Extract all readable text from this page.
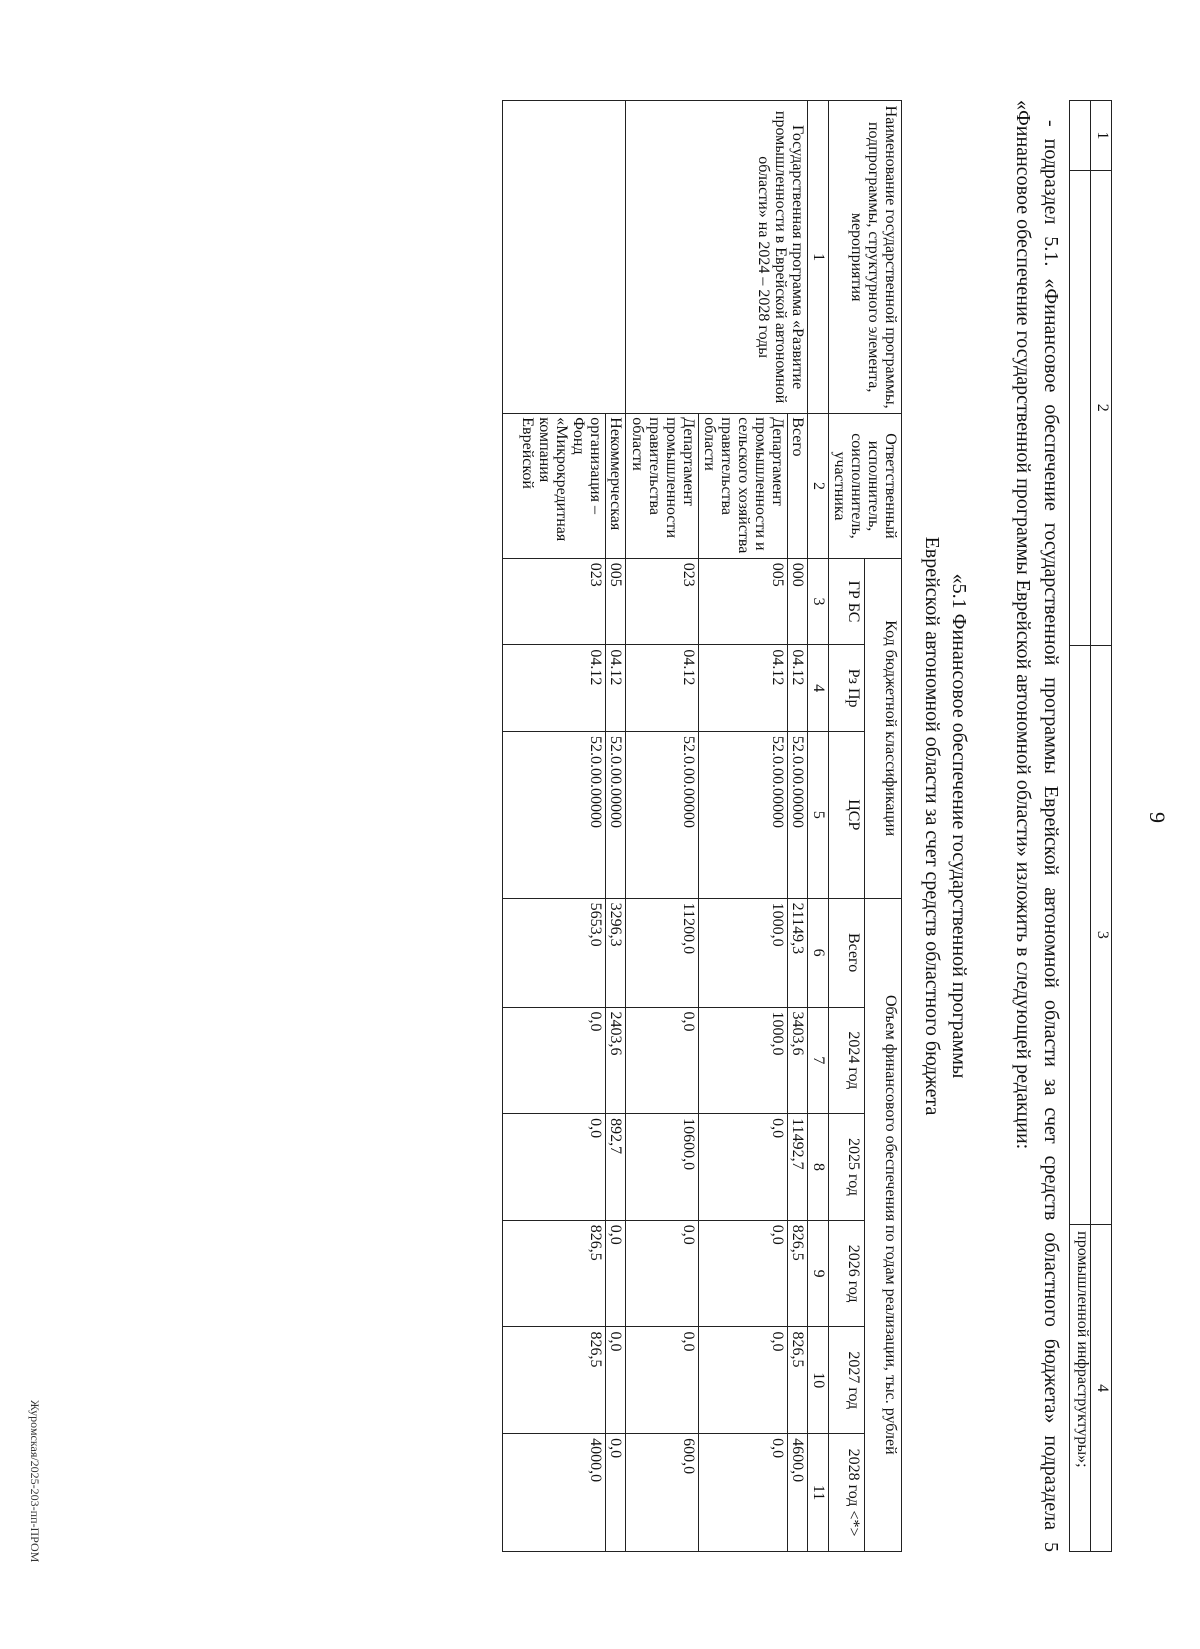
1	2	3	4
			промышленной инфраструктуры»;
9
- подраздел 5.1. «Финансовое обеспечение государственной программы Еврейской автономной области за счет средств областного бюджета» подраздела 5 «Финансовое обеспечение государственной программы Еврейской автономной области» изложить в следующей редакции:
«5.1 Финансовое обеспечение государственной программы
Еврейской автономной области за счет средств областного бюджета
Наименование государственной программы, подпрограммы, структурного элемента, мероприятия	Ответственный исполнитель, соисполнитель, участника	Код бюджетной классификации			Объем финансового обеспечения по годам реализации, тыс. рублей					
		ГР БС	Рз Пр	ЦСР	Всего	2024 год	2025 год	2026 год	2027 год	2028 год <*>
1	2	3	4	5	6	7	8	9	10	11
Государственная программа «Развитие промышленности в Еврейской автономной области» на 2024 – 2028 годы	Всего	000	04.12	52.0.00.00000	21149,3	3403,6	11492,7	826,5	826,5	4600,0
	Департамент промышленности и сельского хозяйства правительства области	005	04.12	52.0.00.00000	1000,0	1000,0	0,0	0,0	0,0	0,0
	Департамент промышленности правительства области	023	04.12	52.0.00.00000	11200,0	0,0	10600,0	0,0	0,0	600,0
	Некоммерческая	005	04.12	52.0.00.00000	3296,3	2403,6	892,7	0,0	0,0	0,0
	организация – Фонд «Микрокредитная компания Еврейской	023	04.12	52.0.00.00000	5653,0	0,0	0,0	826,5	826,5	4000,0
Журомская/2025-203-пп-ПРОМ
